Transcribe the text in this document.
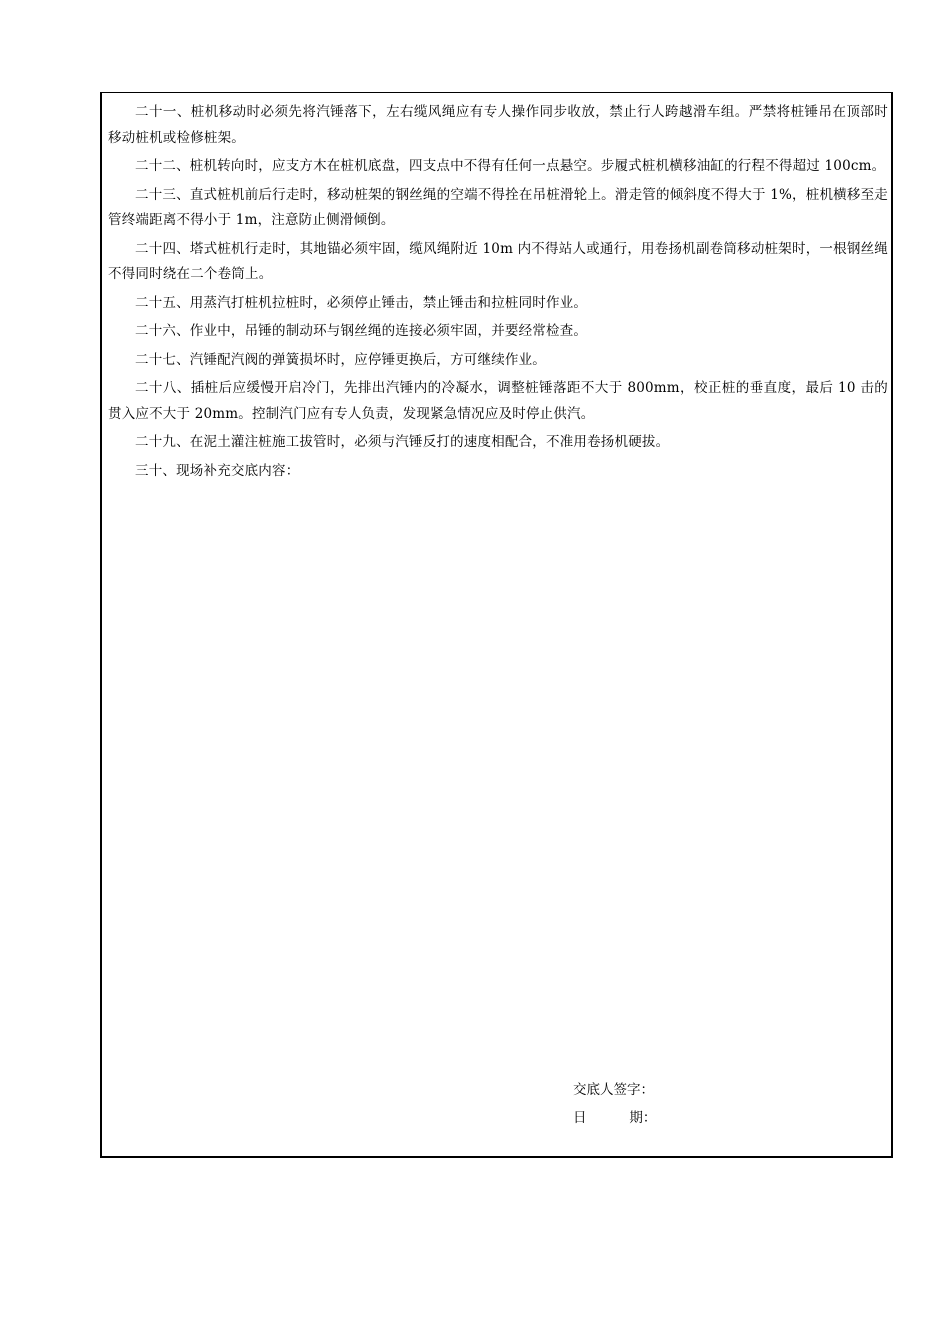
二十一、桩机移动时必须先将汽锤落下，左右缆风绳应有专人操作同步收放，禁止行人跨越滑车组。严禁将桩锤吊在顶部时移动桩机或检修桩架。

二十二、桩机转向时，应支方木在桩机底盘，四支点中不得有任何一点悬空。步履式桩机横移油缸的行程不得超过 100cm。

二十三、直式桩机前后行走时，移动桩架的钢丝绳的空端不得拴在吊桩滑轮上。滑走管的倾斜度不得大于 1%，桩机横移至走管终端距离不得小于 1m，注意防止侧滑倾倒。

二十四、塔式桩机行走时，其地锚必须牢固，缆风绳附近 10m 内不得站人或通行，用卷扬机副卷筒移动桩架时，一根钢丝绳不得同时绕在二个卷筒上。

二十五、用蒸汽打桩机拉桩时，必须停止锤击，禁止锤击和拉桩同时作业。

二十六、作业中，吊锤的制动环与钢丝绳的连接必须牢固，并要经常检查。

二十七、汽锤配汽阀的弹簧损坏时，应停锤更换后，方可继续作业。

二十八、插桩后应缓慢开启冷门，先排出汽锤内的冷凝水，调整桩锤落距不大于 800mm，校正桩的垂直度，最后 10 击的贯入应不大于 20mm。控制汽门应有专人负责，发现紧急情况应及时停止供汽。

二十九、在泥土灌注桩施工拔管时，必须与汽锤反打的速度相配合，不准用卷扬机硬拔。

三十、现场补充交底内容：

交底人签字：
日          期：
